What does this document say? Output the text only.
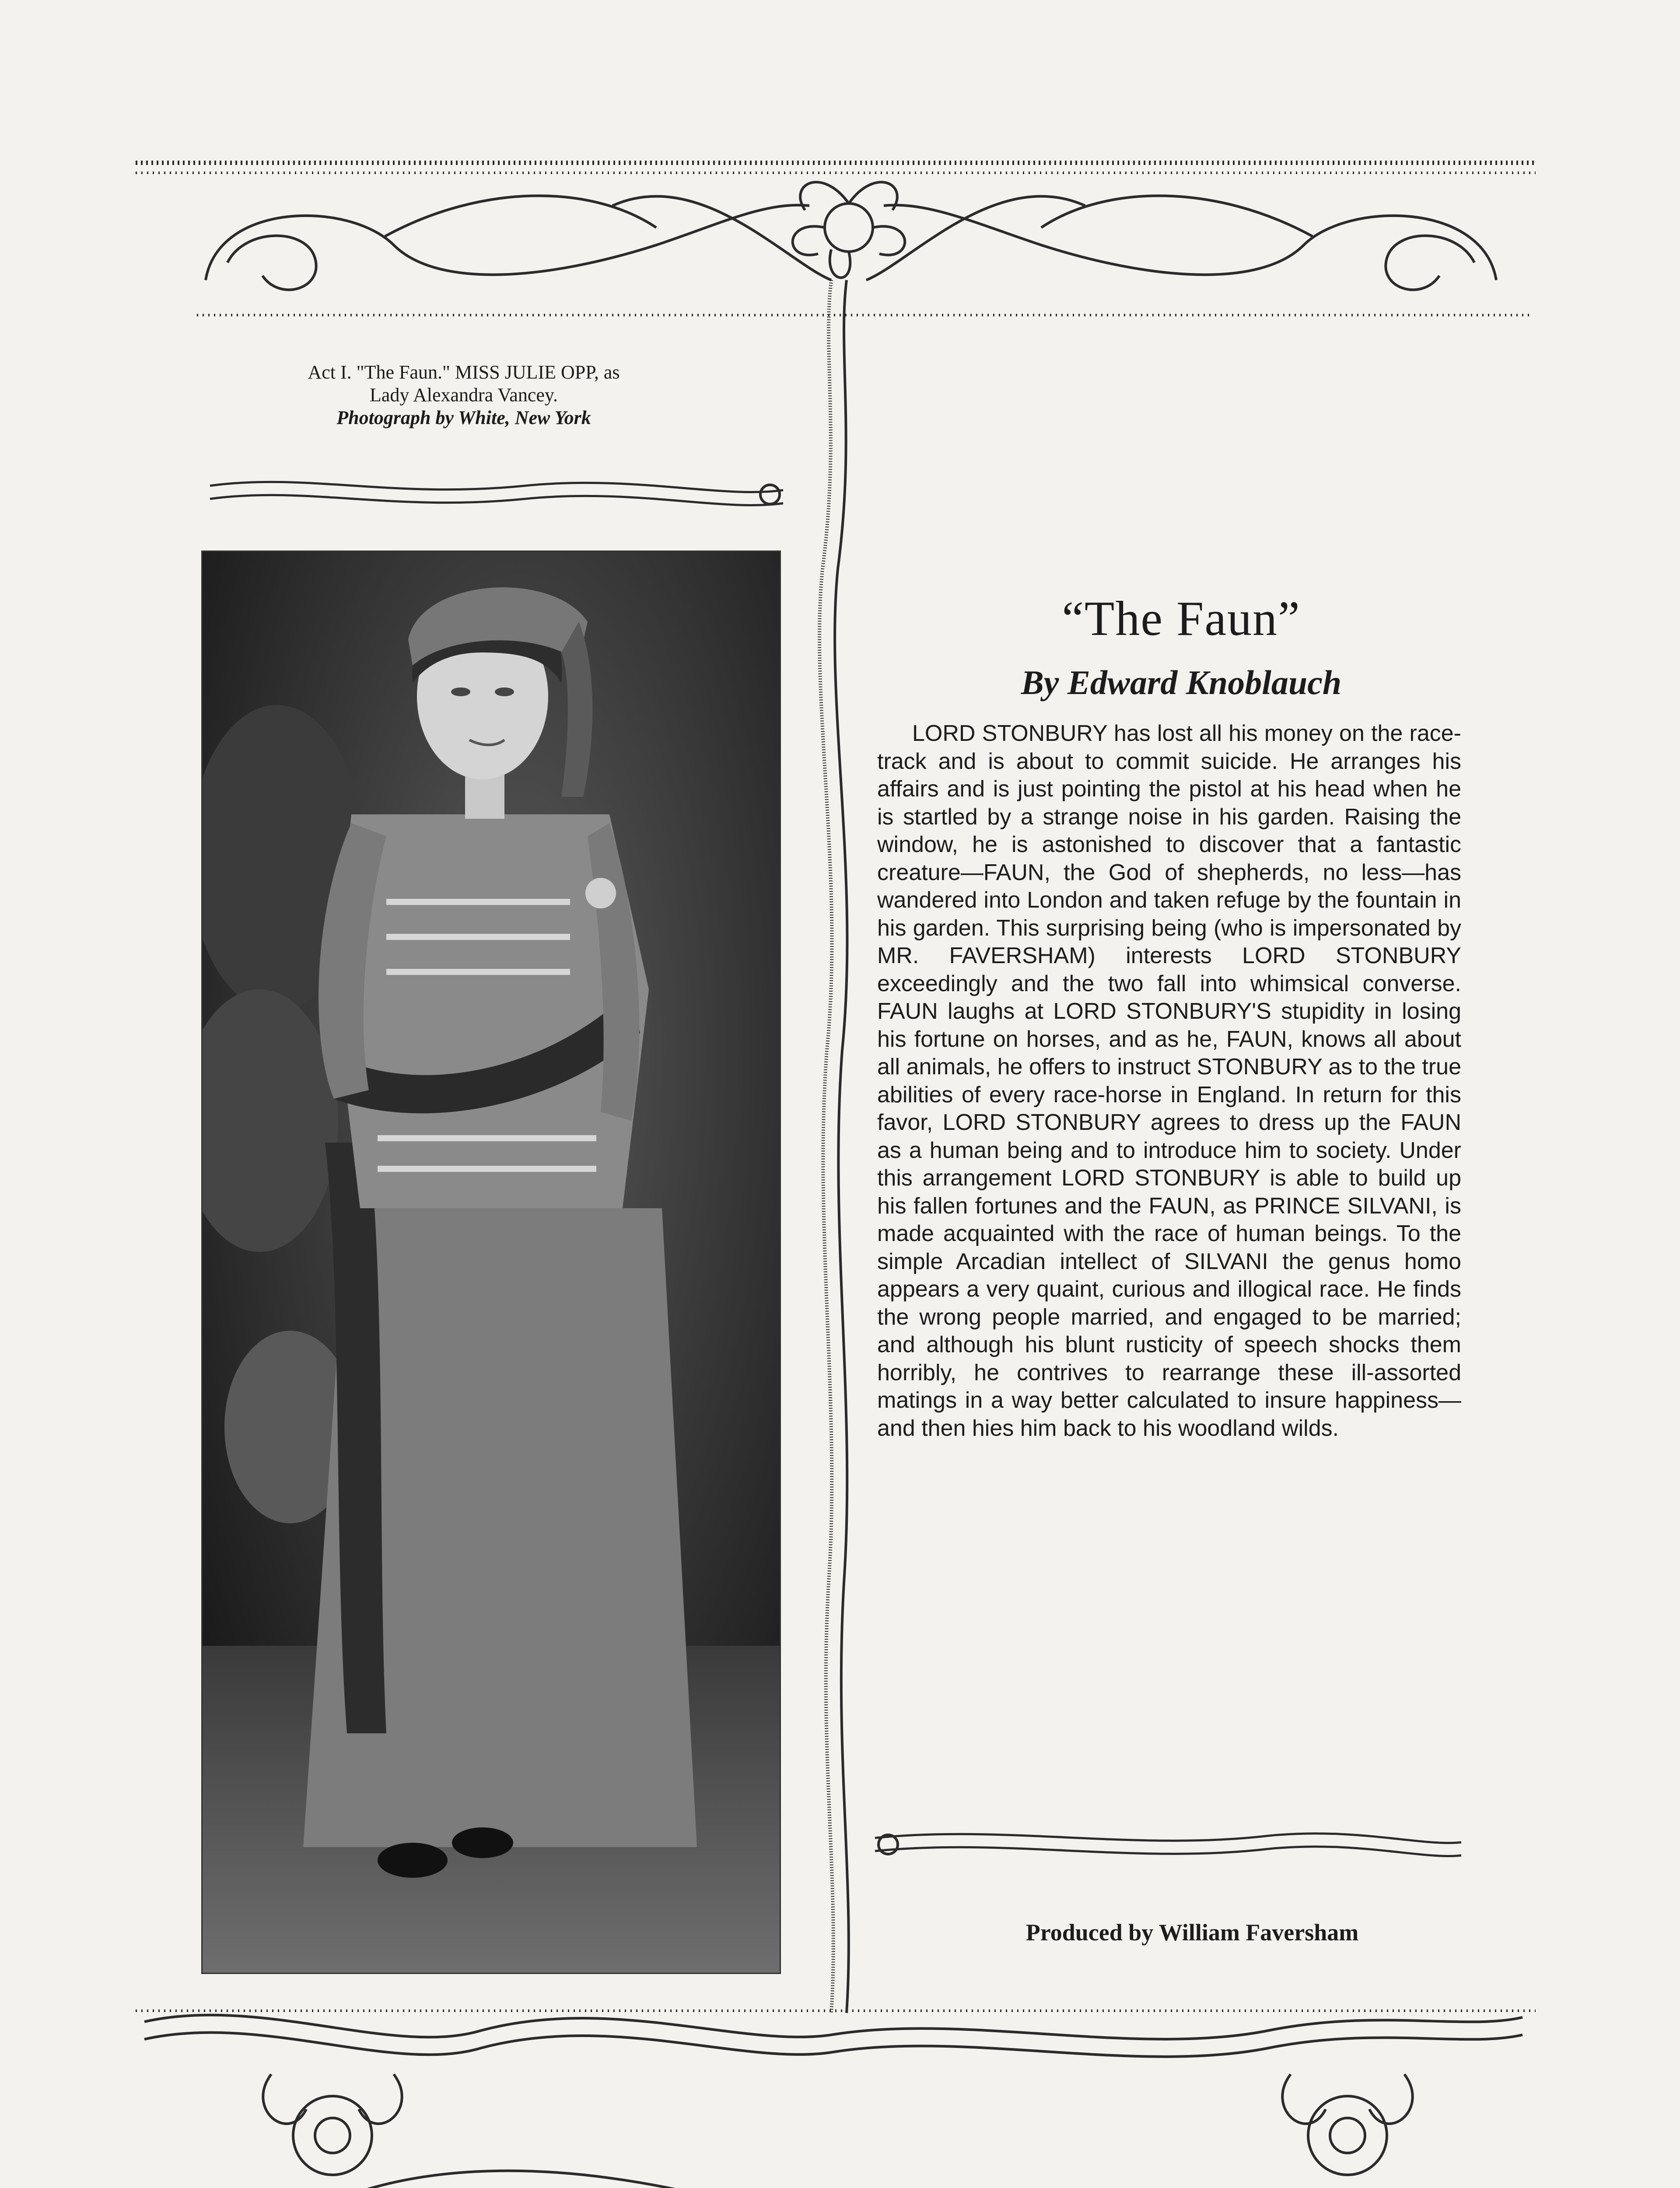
Act I. "The Faun." MISS JULIE OPP, as
Lady Alexandra Vancey.
Photograph by White, New York
“The Faun”
By Edward Knoblauch

LORD STONBURY has lost all his money on the race-track and is about to commit suicide. He arranges his affairs and is just pointing the pistol at his head when he is startled by a strange noise in his garden. Raising the window, he is astonished to discover that a fantastic creature—FAUN, the God of shepherds, no less—has wandered into London and taken refuge by the fountain in his garden. This surprising being (who is impersonated by MR. FAVERSHAM) interests LORD STONBURY exceedingly and the two fall into whimsical converse. FAUN laughs at LORD STONBURY'S stupidity in losing his fortune on horses, and as he, FAUN, knows all about all animals, he offers to instruct STONBURY as to the true abilities of every race-horse in England. In return for this favor, LORD STONBURY agrees to dress up the FAUN as a human being and to introduce him to society. Under this arrangement LORD STONBURY is able to build up his fallen fortunes and the FAUN, as PRINCE SILVANI, is made acquainted with the race of human beings. To the simple Arcadian intellect of SILVANI the genus homo appears a very quaint, curious and illogical race. He finds the wrong people married, and engaged to be married; and although his blunt rusticity of speech shocks them horribly, he contrives to rearrange these ill-assorted matings in a way better calculated to insure happiness—and then hies him back to his woodland wilds.

Produced by William Faversham
